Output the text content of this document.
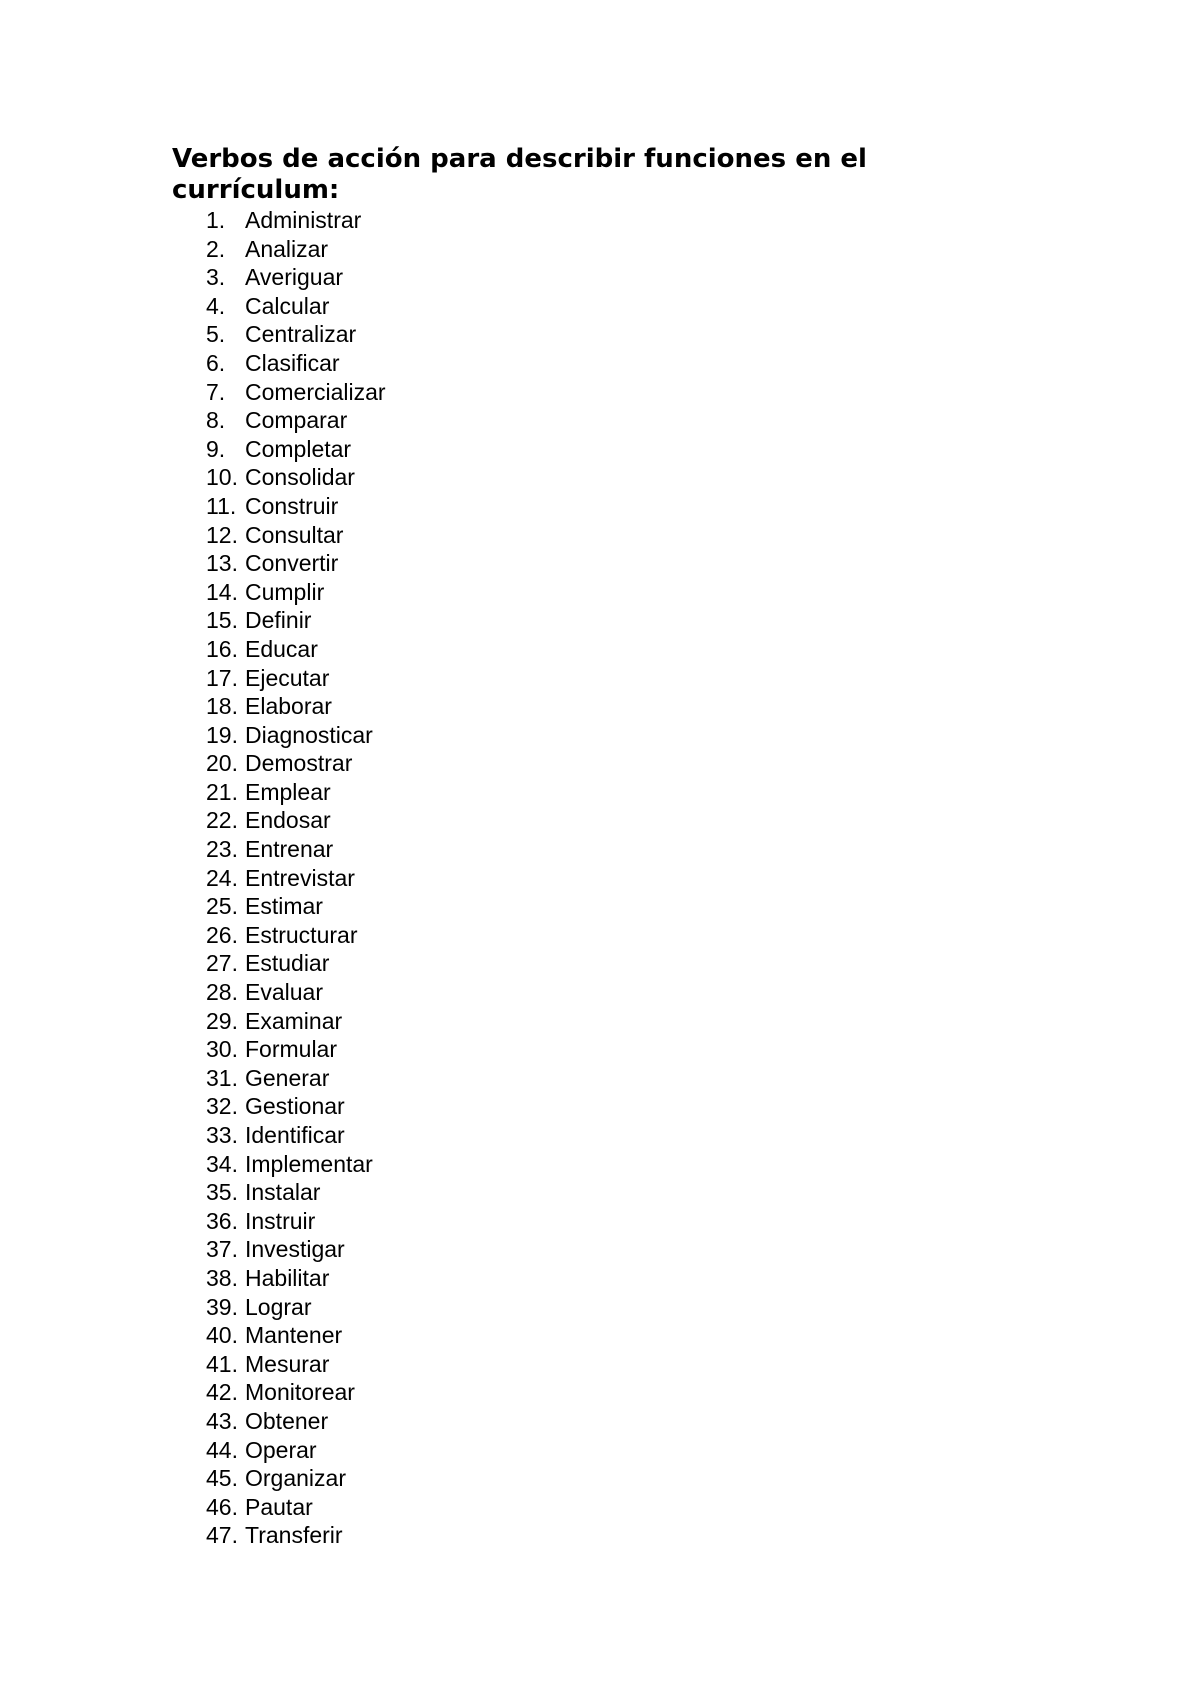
Verbos de acción para describir funciones en el currículum:
1. Administrar
2. Analizar
3. Averiguar
4. Calcular
5. Centralizar
6. Clasificar
7. Comercializar
8. Comparar
9. Completar
10. Consolidar
11. Construir
12. Consultar
13. Convertir
14. Cumplir
15. Definir
16. Educar
17. Ejecutar
18. Elaborar
19. Diagnosticar
20. Demostrar
21. Emplear
22. Endosar
23. Entrenar
24. Entrevistar
25. Estimar
26. Estructurar
27. Estudiar
28. Evaluar
29. Examinar
30. Formular
31. Generar
32. Gestionar
33. Identificar
34. Implementar
35. Instalar
36. Instruir
37. Investigar
38. Habilitar
39. Lograr
40. Mantener
41. Mesurar
42. Monitorear
43. Obtener
44. Operar
45. Organizar
46. Pautar
47. Transferir
